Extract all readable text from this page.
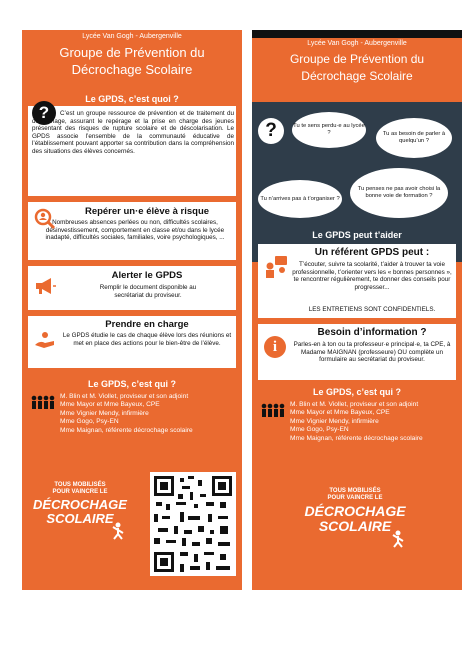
Lycée Van Gogh - Aubergenville
Groupe de Prévention du
Décrochage Scolaire
Le GPDS, c’est quoi ?
?	C’est un groupe ressource de prévention et de traitement du décrochage, assurant le repérage et la prise en charge des jeunes présentant des risques de rupture scolaire et de déscolarisation. Le GPDS associe l’ensemble de la communauté éducative de l’établissement pouvant apporter sa contribution dans la compréhension des situations des élèves concernés.
Repérer un·e élève à risque
Nombreuses absences perlées ou non, difficultés scolaires, désinvestissement, comportement en classe et/ou dans le lycée inadapté, difficultés sociales, familiales, voire psychologiques, ...
Alerter le GPDS
Remplir le document disponible au secrétariat du proviseur.
Prendre en charge
Le GPDS étudie le cas de chaque élève lors des réunions et met en place des actions pour le bien-être de l’élève.
Le GPDS, c’est qui ?
M. Blin et M. Viollet, proviseur et son adjoint
Mme Mayor et Mme Bayeux, CPE
Mme Vignier Mendy, infirmière
Mme Gogo, Psy-EN
Mme Maignan, référente décrochage scolaire
TOUS MOBILISÉS
POUR VAINCRE LE
DÉCROCHAGE
SCOLAIRE
Lycée Van Gogh - Aubergenville
Groupe de Prévention du
Décrochage Scolaire
?	Tu te sens perdu·e au lycée ?	Tu as besoin de parler à quelqu’un ?
Tu penses ne pas avoir choisi la bonne voie de formation ?
Tu n’arrives pas à t’organiser ?
Le GPDS peut t’aider
Un référent GPDS peut :
T’écouter, suivre ta scolarité, t’aider à trouver ta voie professionnelle, t’orienter vers les « bonnes personnes », te rencontrer régulièrement, te donner des conseils pour progresser...
LES ENTRETIENS SONT CONFIDENTIELS.
i
Besoin d’information ?
Parles-en à ton ou ta professeur·e principal·e, ta CPE, à Madame MAIGNAN (professeure) OU complète un formulaire au secrétariat du proviseur.
Le GPDS, c’est qui ?
M. Blin et M. Viollet, proviseur et son adjoint
Mme Mayor et Mme Bayeux, CPE
Mme Vignier Mendy, infirmière
Mme Gogo, Psy-EN
Mme Maignan, référente décrochage scolaire
TOUS MOBILISÉS
POUR VAINCRE LE
DÉCROCHAGE
SCOLAIRE
